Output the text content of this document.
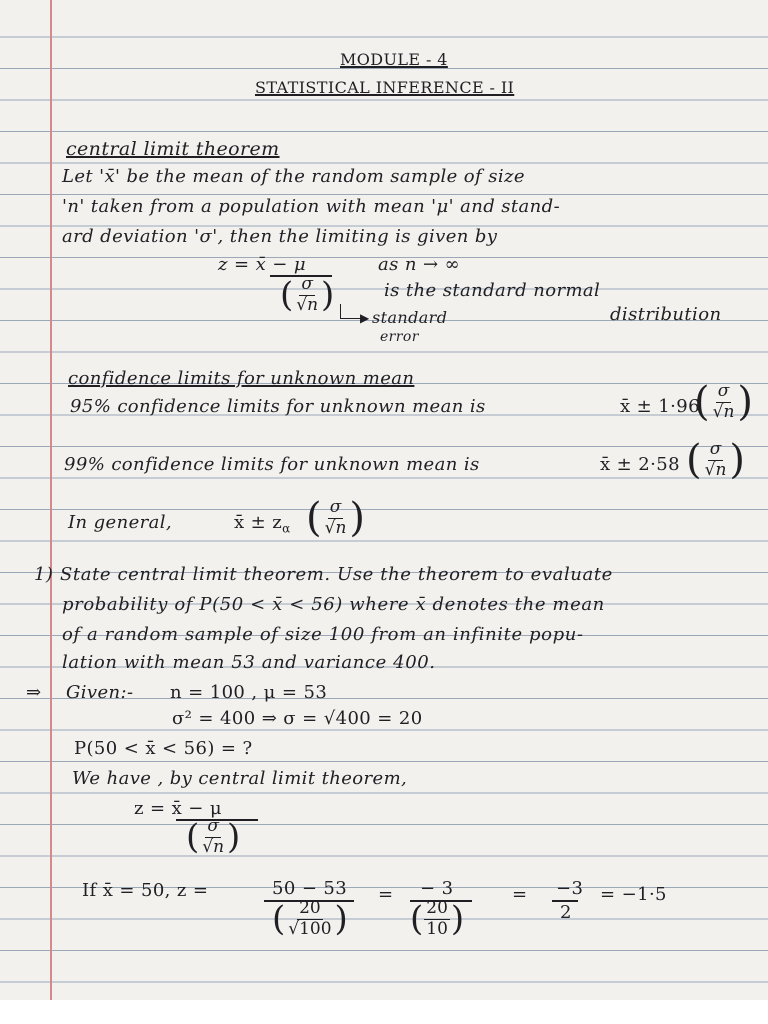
MODULE - 4
STATISTICAL INFERENCE - II
central limit theorem
Let 'x̄' be the mean of the random sample of size
'n' taken from a population with mean 'μ' and stand-
ard deviation 'σ', then the limiting is given by
z = x̄ − μ	as n → ∞
( $\frac{\sigma}{√n}$ )	is the standard normal
distribution
▶ standard
error
confidence limits for unknown mean
95% confidence limits for unknown mean is	x̄ ± 1·96
( $\frac{\sigma}{√n}$ )
99% confidence limits for unknown mean is	x̄ ± 2·58 ( $\frac{\sigma}{√n}$ )
In general,	x̄ ± $z_\alpha$ ( $\frac{\sigma}{√n}$ )
1) State central limit theorem. Use the theorem to evaluate
probability of P(50 < x̄ < 56) where x̄ denotes the mean
of a random sample of size 100 from an infinite popu-
lation with mean 53 and variance 400.
⇒ Given:- n = 100 , μ = 53
σ² = 400 ⇒ σ = √400 = 20
P(50 < x̄ < 56) = ?
We have , by central limit theorem,
z = x̄ − μ
( $\frac{\sigma}{√n}$ )
If x̄ = 50, z =	50 − 53
( $\frac{20}{√100}$ )
= − 3
( $\frac{20}{10}$ )
= −3
2
= −1·5
